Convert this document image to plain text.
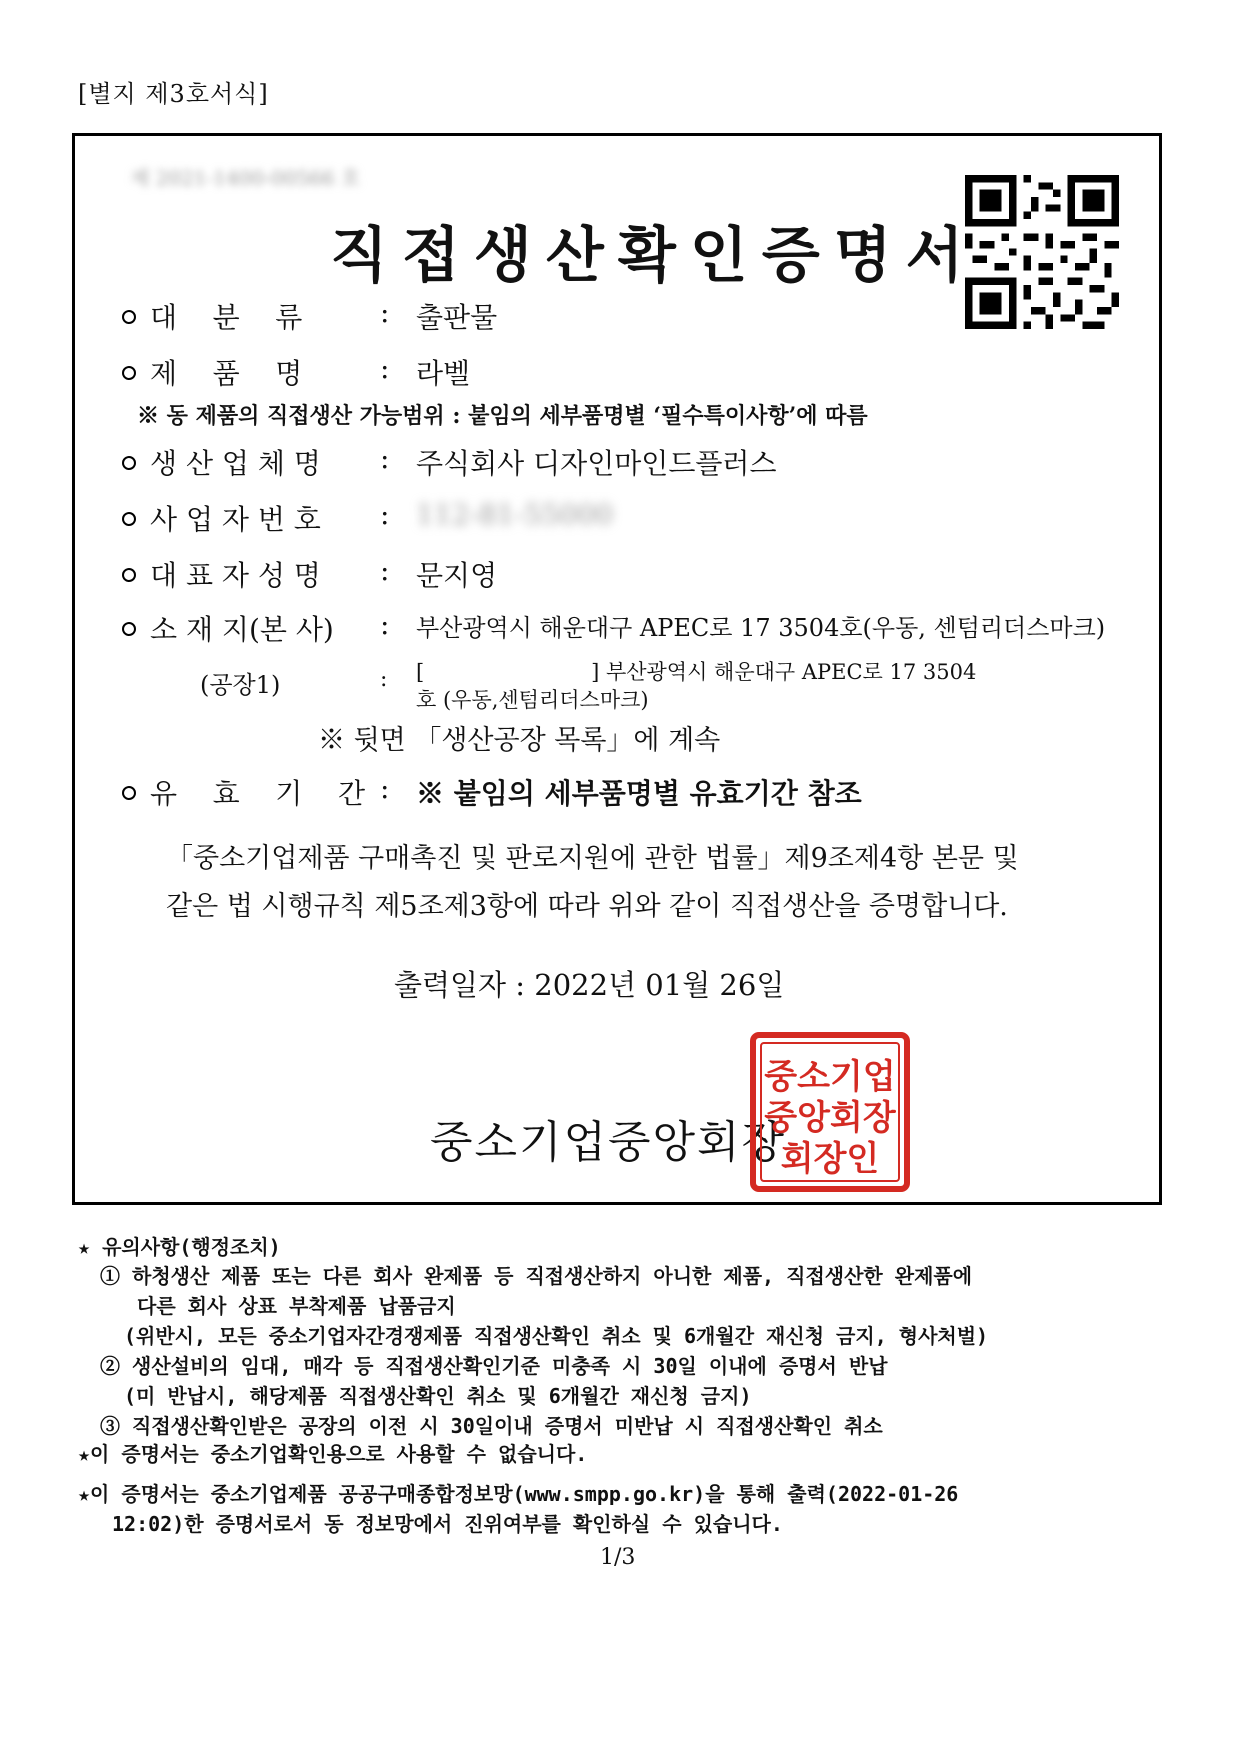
[별지 제3호서식]
제 2021-1400-00566 호
직접생산확인증명서
대    분    류	: 출판물
제    품    명	: 라벨
※ 동 제품의 직접생산 가능범위 : 붙임의 세부품명별 ‘필수특이사항’에 따름
생 산 업 체 명 : 주식회사 디자인마인드플러스
사 업 자 번 호 : 112-81-55000
대 표 자 성 명 : 문지영
소 재 지(본 사) : 부산광역시 해운대구 APEC로 17 3504호(우동, 센텀리더스마크)
(공장1)	: [                         ] 부산광역시 해운대구 APEC로 17 3504
호 (우동,센텀리더스마크)
※ 뒷면 「생산공장 목록」에 계속
유    효    기    간 : ※ 붙임의 세부품명별 유효기간 참조
「중소기업제품 구매촉진 및 판로지원에 관한 법률」제9조제4항 본문 및
같은 법 시행규칙 제5조제3항에 따라 위와 같이 직접생산을 증명합니다.
출력일자 : 2022년 01월 26일
중소기업중앙회장
중소기업
중앙회장
회장인
★ 유의사항(행정조치)
① 하청생산 제품 또는 다른 회사 완제품 등 직접생산하지 아니한 제품, 직접생산한 완제품에
다른 회사 상표 부착제품 납품금지
(위반시, 모든 중소기업자간경쟁제품 직접생산확인 취소 및 6개월간 재신청 금지, 형사처벌)
② 생산설비의 임대, 매각 등 직접생산확인기준 미충족 시 30일 이내에 증명서 반납
(미 반납시, 해당제품 직접생산확인 취소 및 6개월간 재신청 금지)
③ 직접생산확인받은 공장의 이전 시 30일이내 증명서 미반납 시 직접생산확인 취소
★이 증명서는 중소기업확인용으로 사용할 수 없습니다.
★이 증명서는 중소기업제품 공공구매종합정보망(www.smpp.go.kr)을 통해 출력(2022-01-26
12:02)한 증명서로서 동 정보망에서 진위여부를 확인하실 수 있습니다.
1/3
